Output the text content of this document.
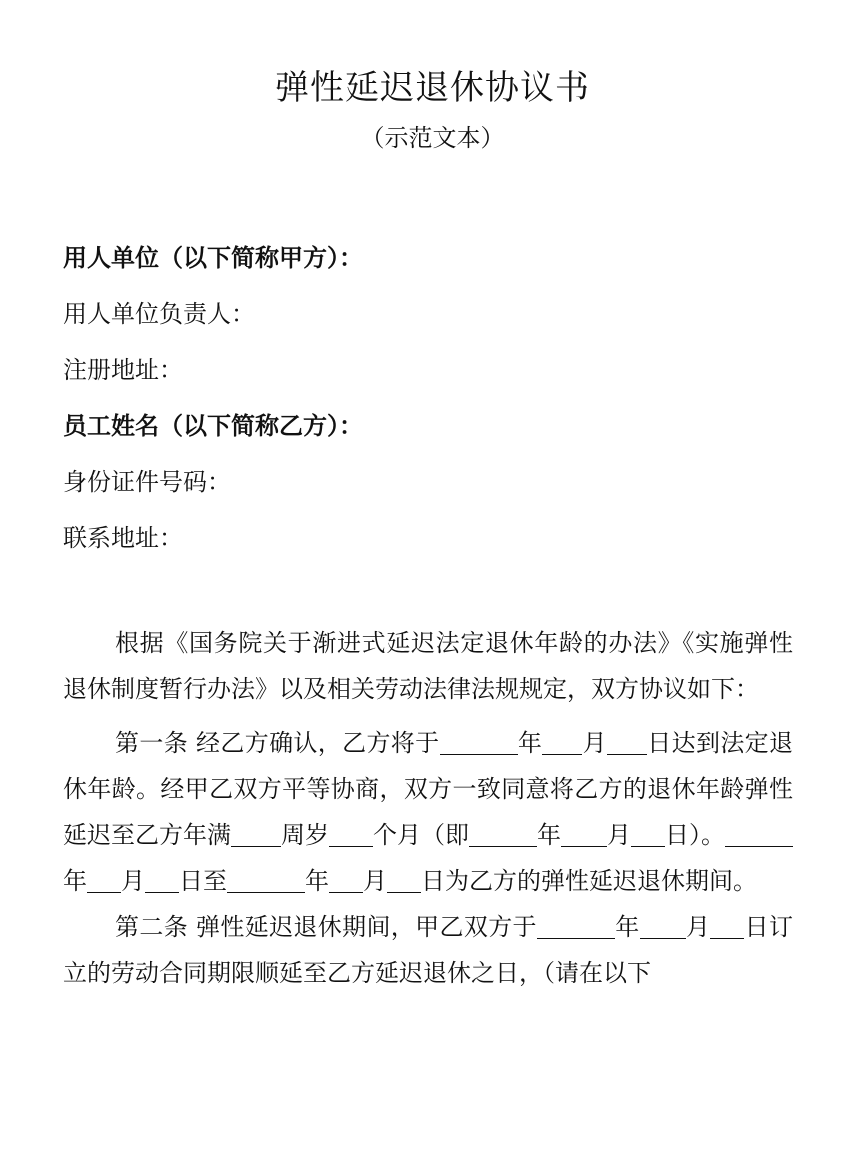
弹性延迟退休协议书
（示范文本）
用人单位（以下简称甲方）：
用人单位负责人：
注册地址：
员工姓名（以下简称乙方）：
身份证件号码：
联系地址：

根据《国务院关于渐进式延迟法定退休年龄的办法》《实施弹性退休制度暂行办法》以及相关劳动法律法规规定，双方协议如下：

第一条 经乙方确认，乙方将于	年 月 日达到法定退休年龄。经甲乙双方平等协商，双方一致同意将乙方的退休年龄弹性延迟至乙方年满 周岁 个月（即	年 月 日）。年 月 日至	年 月 日为乙方的弹性延迟退休期间。

第二条 弹性延迟退休期间，甲乙双方于	年 月 日订立的劳动合同期限顺延至乙方延迟退休之日，（请在以下
